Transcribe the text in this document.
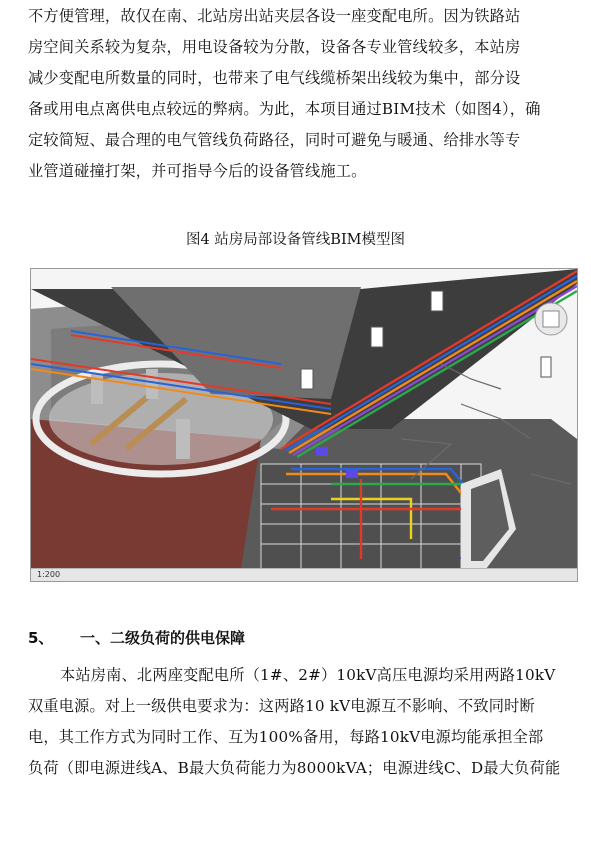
不方便管理，故仅在南、北站房出站夹层各设一座变配电所。因为铁路站

房空间关系较为复杂，用电设备较为分散，设备各专业管线较多，本站房

减少变配电所数量的同时，也带来了电气线缆桥架出线较为集中，部分设

备或用电点离供电点较远的弊病。为此，本项目通过BIM技术（如图4），确

定较简短、最合理的电气管线负荷路径，同时可避免与暖通、给排水等专

业管道碰撞打架，并可指导今后的设备管线施工。

图4 站房局部设备管线BIM模型图
1:200
5、 一、二级负荷的供电保障

本站房南、北两座变配电所（1#、2#）10kV高压电源均采用两路10kV

双重电源。对上一级供电要求为：这两路10 kV电源互不影响、不致同时断

电，其工作方式为同时工作、互为100%备用，每路10kV电源均能承担全部

负荷（即电源进线A、B最大负荷能力为8000kVA；电源进线C、D最大负荷能
